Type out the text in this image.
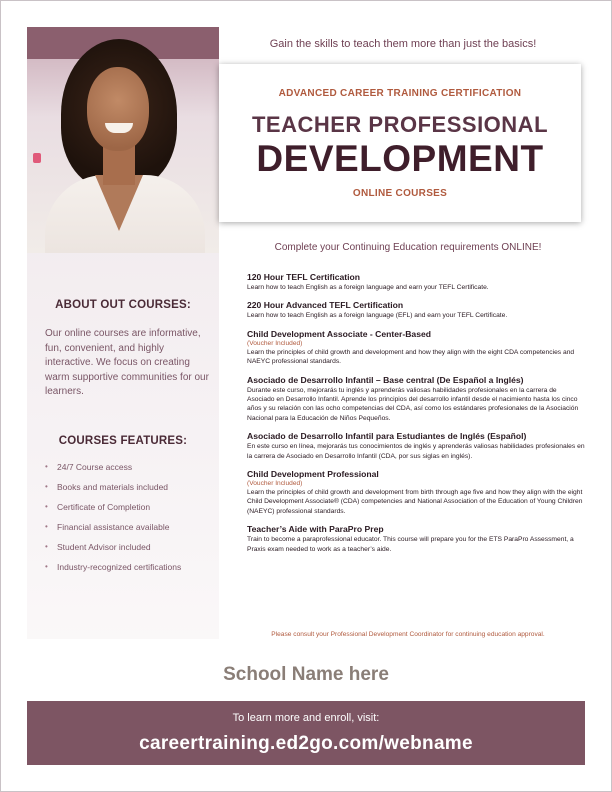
ABOUT OUT COURSES:

Our online courses are informative, fun, convenient, and highly interactive. We focus on creating warm supportive communities for our learners.

COURSES FEATURES:
• 24/7 Course access
• Books and materials included
• Certificate of Completion
• Financial assistance available
• Student Advisor included
• Industry-recognized certifications
Gain the skills to teach them more than just the basics!
ADVANCED CAREER TRAINING CERTIFICATION
TEACHER PROFESSIONAL
DEVELOPMENT
ONLINE COURSES
Complete your Continuing Education requirements ONLINE!
120 Hour TEFL Certification
Learn how to teach English as a foreign language and earn your TEFL Certificate.
220 Hour Advanced TEFL Certification
Learn how to teach English as a foreign language (EFL) and earn your TEFL Certificate.
Child Development Associate - Center-Based
(Voucher Included)
Learn the principles of child growth and development and how they align with the eight CDA competencies and NAEYC professional standards.
Asociado de Desarrollo Infantil – Base central (De Español a Inglés)
Durante este curso, mejorarás tu inglés y aprenderás valiosas habilidades profesionales en la carrera de Asociado en Desarrollo Infantil. Aprende los principios del desarrollo infantil desde el nacimiento hasta los cinco años y su relación con las ocho competencias del CDA, así como los estándares profesionales de la Asociación Nacional para la Educación de Niños Pequeños.
Asociado de Desarrollo Infantil para Estudiantes de Inglés (Español)
En este curso en línea, mejorarás tus conocimientos de inglés y aprenderás valiosas habilidades profesionales en la carrera de Asociado en Desarrollo Infantil (CDA, por sus siglas en inglés).
Child Development Professional
(Voucher Included)
Learn the principles of child growth and development from birth through age five and how they align with the eight Child Development Associate® (CDA) competencies and National Association of the Education of Young Children (NAEYC) professional standards.
Teacher’s Aide with ParaPro Prep
Train to become a paraprofessional educator. This course will prepare you for the ETS ParaPro Assessment, a Praxis exam needed to work as a teacher’s aide.
Please consult your Professional Development Coordinator for continuing education approval.
School Name here
To learn more and enroll, visit:
careertraining.ed2go.com/webname
